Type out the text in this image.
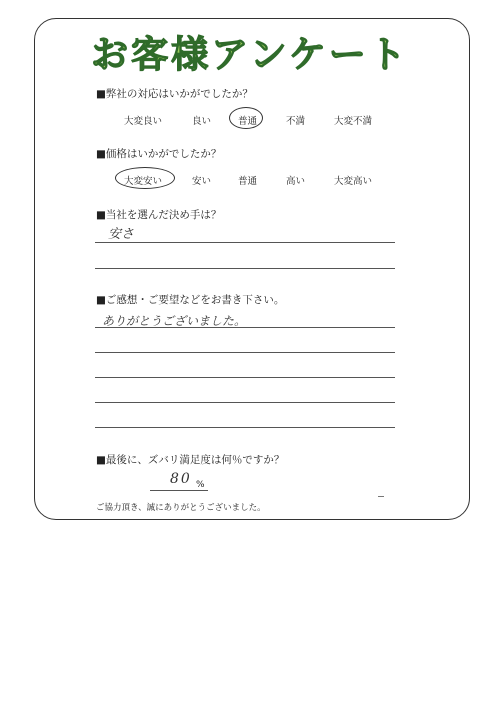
お客様アンケート
■弊社の対応はいかがでしたか？
大変良い	良い	普通	不満	大変不満
■価格はいかがでしたか？
大変安い	安い	普通	高い	大変高い
■当社を選んだ決め手は？
安さ
■ご感想・ご要望などをお書き下さい。
ありがとうございました。
■最後に、ズバリ満足度は何％ですか？
80 %
ご協力頂き、誠にありがとうございました。
